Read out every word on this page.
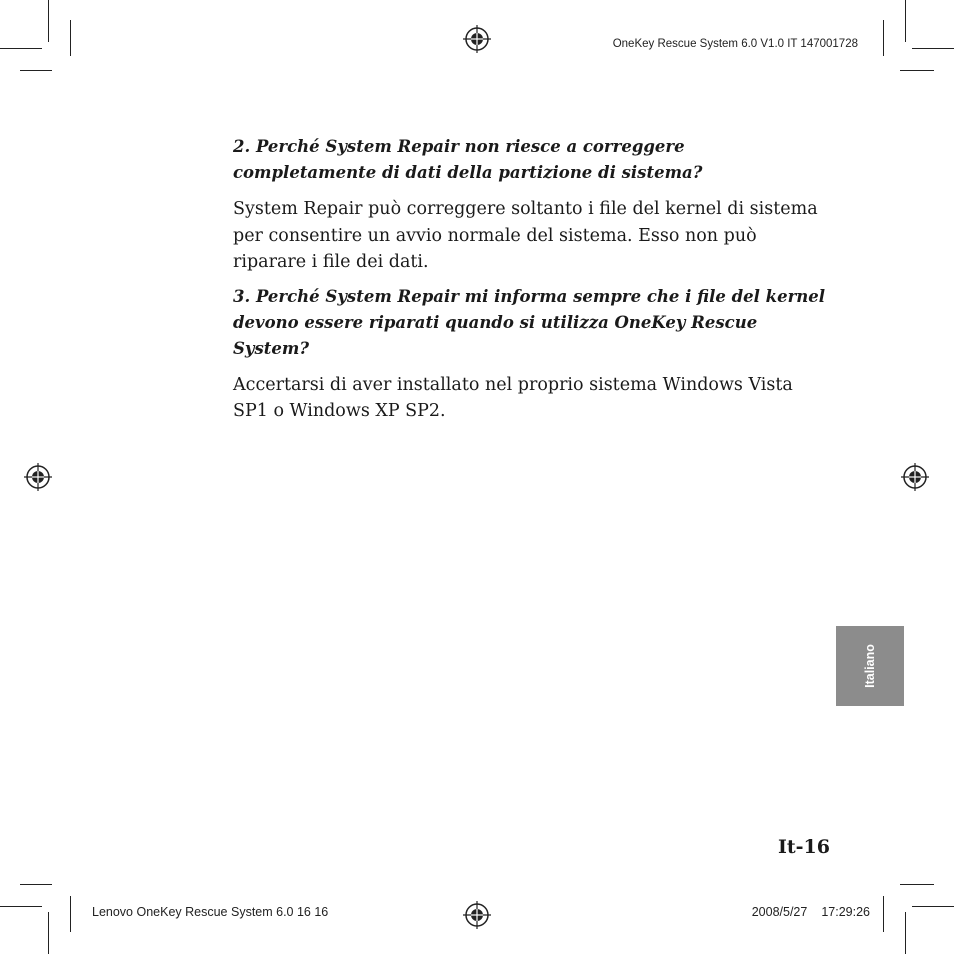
OneKey Rescue System 6.0 V1.0 IT 147001728

2. Perché System Repair non riesce a correggere completamente di dati della partizione di sistema?

System Repair può correggere soltanto i file del kernel di sistema per consentire un avvio normale del sistema. Esso non può riparare i file dei dati.

3. Perché System Repair mi informa sempre che i file del kernel devono essere riparati quando si utilizza OneKey Rescue System?

Accertarsi di aver installato nel proprio sistema Windows Vista SP1 o Windows XP SP2.

Italiano
It-16
Lenovo OneKey Rescue System 6.0 16 16	2008/5/27 17:29:26
